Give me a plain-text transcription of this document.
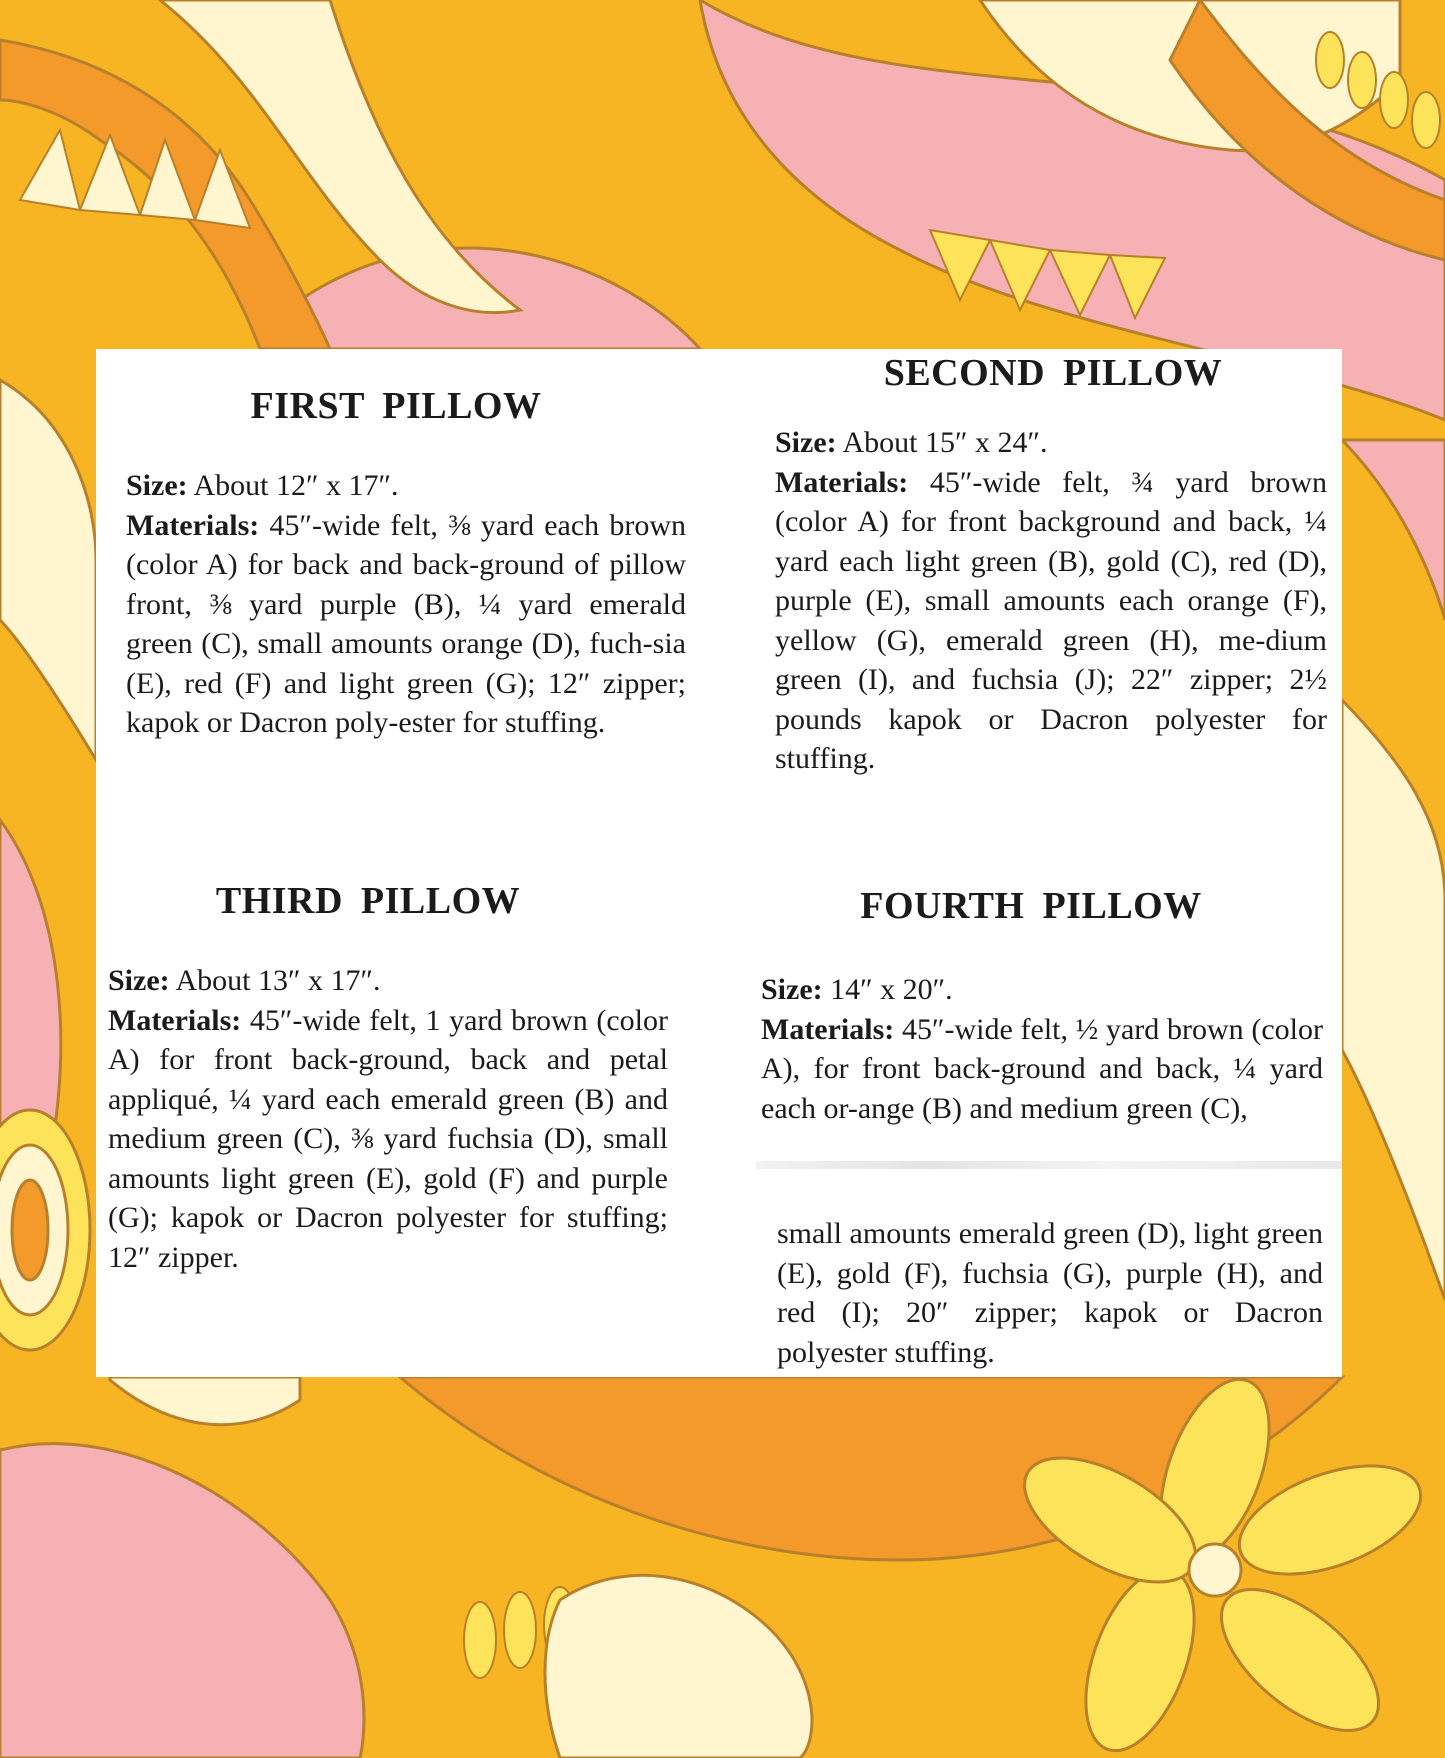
FIRST PILLOW

Size: About 12″ x 17″.
Materials: 45″-wide felt, ⅜ yard each brown (color A) for back and back-ground of pillow front, ⅜ yard purple (B), ¼ yard emerald green (C), small amounts orange (D), fuch-sia (E), red (F) and light green (G); 12″ zipper; kapok or Dacron poly-ester for stuffing.

SECOND PILLOW

Size: About 15″ x 24″.
Materials: 45″-wide felt, ¾ yard brown (color A) for front background and back, ¼ yard each light green (B), gold (C), red (D), purple (E), small amounts each orange (F), yellow (G), emerald green (H), me-dium green (I), and fuchsia (J); 22″ zipper; 2½ pounds kapok or Dacron polyester for stuffing.

THIRD PILLOW

Size: About 13″ x 17″.
Materials: 45″-wide felt, 1 yard brown (color A) for front back-ground, back and petal appliqué, ¼ yard each emerald green (B) and medium green (C), ⅜ yard fuchsia (D), small amounts light green (E), gold (F) and purple (G); kapok or Dacron polyester for stuffing; 12″ zipper.

FOURTH PILLOW

Size: 14″ x 20″.
Materials: 45″-wide felt, ½ yard brown (color A), for front back-ground and back, ¼ yard each or-ange (B) and medium green (C),

small amounts emerald green (D), light green (E), gold (F), fuchsia (G), purple (H), and red (I); 20″ zipper; kapok or Dacron polyester stuffing.
